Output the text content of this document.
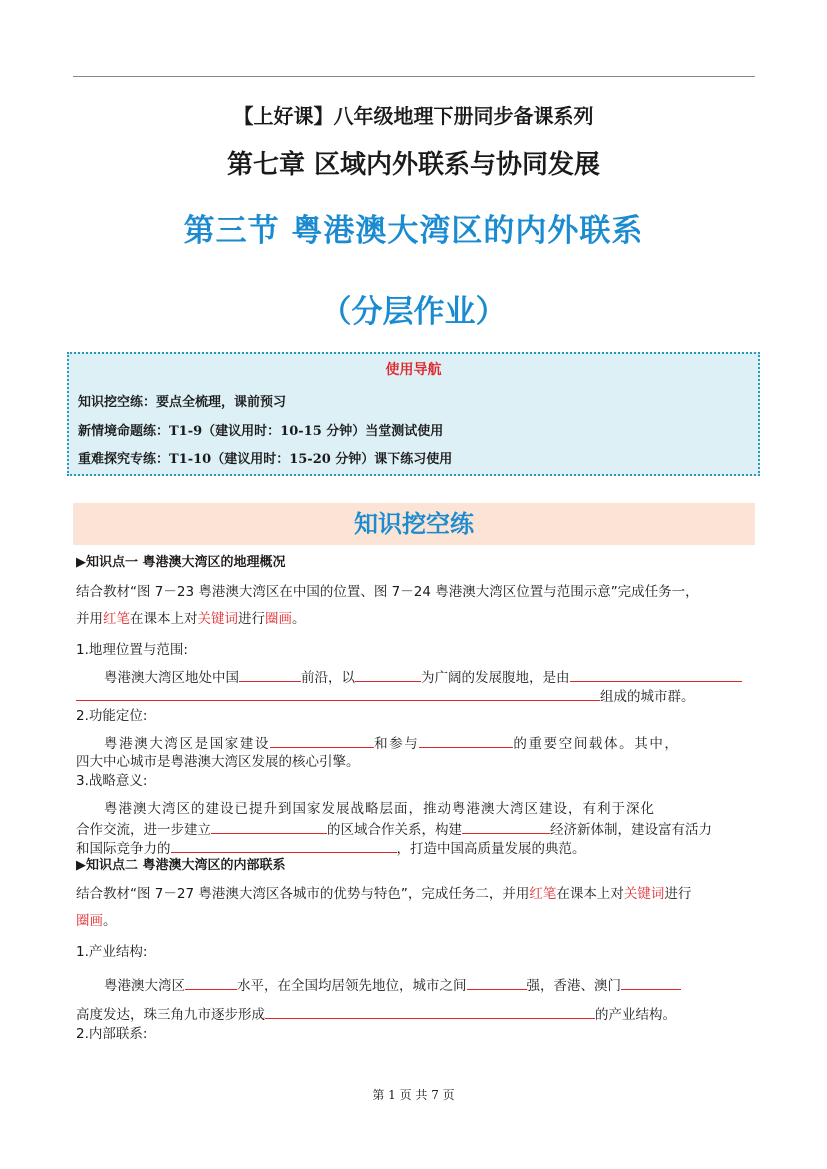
【上好课】八年级地理下册同步备课系列
第七章 区域内外联系与协同发展
第三节 粤港澳大湾区的内外联系
（分层作业）
使用导航
知识挖空练：要点全梳理，课前预习
新情境命题练：T1-9（建议用时：10-15 分钟）当堂测试使用
重难探究专练：T1-10（建议用时：15-20 分钟）课下练习使用
知识挖空练
▶知识点一 粤港澳大湾区的地理概况
结合教材“图 7－23 粤港澳大湾区在中国的位置、图 7－24 粤港澳大湾区位置与范围示意”完成任务一，
并用红笔在课本上对关键词进行圈画。
1.地理位置与范围:
粤港澳大湾区地处中国	前沿，以	为广阔的发展腹地，是由
组成的城市群。
2.功能定位:
粤港澳大湾区是国家建设	和参与	的重要空间载体。其中，
四大中心城市是粤港澳大湾区发展的核心引擎。
3.战略意义:
粤港澳大湾区的建设已提升到国家发展战略层面，推动粤港澳大湾区建设，有利于深化
合作交流，进一步建立	的区域合作关系，构建	经济新体制，建设富有活力
和国际竞争力的	，打造中国高质量发展的典范。
▶知识点二 粤港澳大湾区的内部联系
结合教材“图 7－27 粤港澳大湾区各城市的优势与特色”，完成任务二，并用红笔在课本上对关键词进行
圈画。
1.产业结构:
粤港澳大湾区	水平，在全国均居领先地位，城市之间	强，香港、澳门
高度发达，珠三角九市逐步形成	的产业结构。
2.内部联系:
第 1 页 共 7 页
